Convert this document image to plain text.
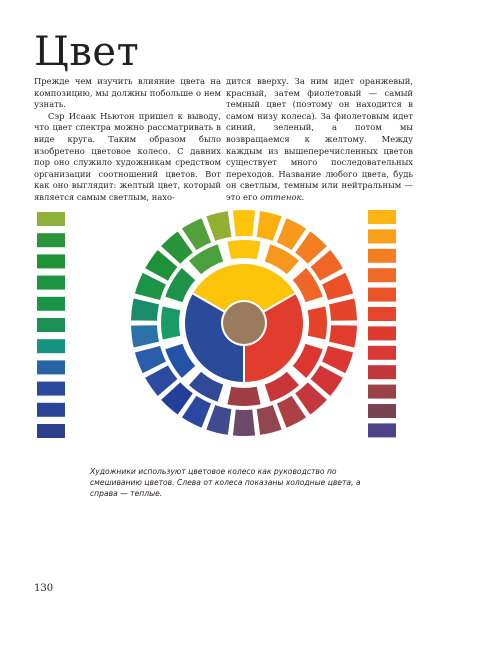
Цвет

Прежде чем изучить влияние цвета на композицию, мы должны побольше о нем узнать.

Сэр Исаак Ньютон пришел к выводу, что цвет спектра можно рассматривать в виде круга. Таким образом было изобретено цветовое колесо. С давних пор оно служило художникам средством организации соотношений цветов. Вот как оно выглядит: желтый цвет, который является самым светлым, нахо-

дится вверху. За ним идет оранжевый, красный, затем фиолетовый — самый темный цвет (поэтому он находится в самом низу колеса). За фиолетовым идет синий, зеленый, а потом мы возвращаемся к желтому. Между каждым из вышеперечисленных цветов существует много последовательных переходов. Название любого цвета, будь он светлым, темным или нейтральным — это его оттенок.

Художники используют цветовое колесо как руководство по смешиванию цветов. Слева от колеса показаны холодные цвета, а справа — теплые.

130
